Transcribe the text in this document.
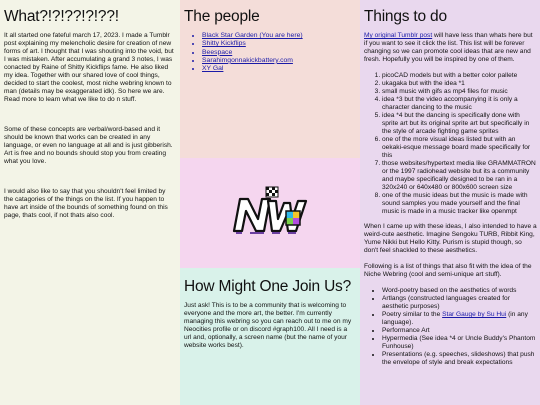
What?!?!??!?!??!

It all started one fateful march 17, 2023. I made a Tumblr post explaining my melencholic desire for creation of new forms of art. I thought that I was shouting into the void, but I was mistaken. After accumulating a grand 3 notes, I was conacted by Raine of Shitty Kickflips fame. He also liked my idea. Together with our shared love of cool things, decided to start the coolest, most niche webring known to man (details may be exaggerated idk). So here we are. Read more to learn what we like to do n stuff.

Some of these concepts are verbal/word-based and it should be known that works can be created in any language, or even no language at all and is just gibberish. Art is free and no bounds should stop you from creating what you love.

I would also like to say that you shouldn't feel limited by the catagories of the things on the list. If you happen to have art inside of the bounds of something found on this page, thats cool, if not thats also cool.

The people
• Black Star Garden (You are here)
• Shitty Kickflips
• Beespace
• Sarahimgonnakickbattery.com
• XY Gal
How Might One Join Us?

Just ask! This is to be a community that is welcoming to everyone and the more art, the better. I'm currently managing this webring so you can reach out to me on my Neocities profile or on discord #graph100. All I need is a url and, optionally, a screen name (but the name of your website works best).

Things to do

My original Tumblr post will have less than whats here but if you want to see it click the list. This list will be forever changing so we can promote cool ideas that are new and fresh. Hopefully you will be inspired by one of them.

1. picoCAD models but with a better color pallete
2. ukagaka but with the idea *1
3. small music with gifs as mp4 files for music
4. idea *3 but the video accompanying it is only a character dancing to the music
5. idea *4 but the dancing is specifically done with sprite art but its original sprite art but specifically in the style of arcade fighting game sprites
6. one of the more visual ideas listed but with an oekaki-esque message board made specifically for this
7. those websites/hypertext media like GRAMMATRON or the 1997 radiohead website but its a community and maybe specifically designed to be ran in a 320x240 or 640x480 or 800x600 screen size
8. one of the music ideas but the music is made with sound samples you made yourself and the final music is made in a music tracker like openmpt

When I came up with these ideas, I also intended to have a weird-cute aesthetic. Imagine Sengoku TURB, Ribbit King, Yume Nikki but Hello Kitty. Purism is stupid though, so don't feel shackled to these aesthetics.

Following is a list of things that also fit with the idea of the Niche Webring (cool and semi-unique art stuff).

• Word-poetry based on the aesthetics of words
• Artlangs (constructed languages created for aesthetic purposes)
• Poetry similar to the Star Gauge by Su Hui (in any language).
• Performance Art
• Hypermedia (See idea *4 or Uncle Buddy's Phantom Funhouse)
• Presentations (e.g. speeches, slideshows) that push the envelope of style and break expectations
